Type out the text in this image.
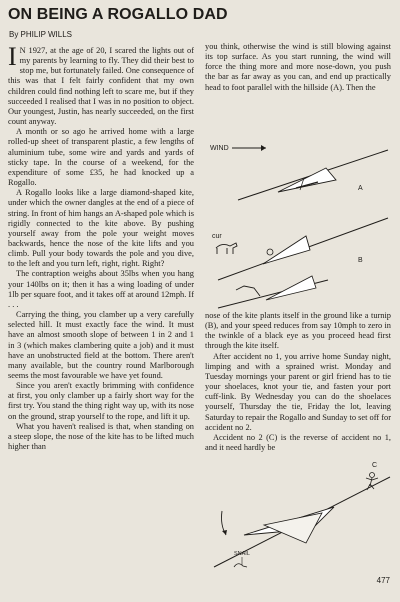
ON BEING A ROGALLO DAD

By PHILIP WILLS

I N 1927, at the age of 20, I scared the lights out of my parents by learning to fly. They did their best to stop me, but fortunately failed. One consequence of this was that I felt fairly confident that my own children could find nothing left to scare me, but if they succeeded I realised that I was in no position to object. Our youngest, Justin, has nearly succeeded, on the first count anyway.

A month or so ago he arrived home with a large rolled-up sheet of transparent plastic, a few lengths of aluminium tube, some wire and yards and yards of sticky tape. In the course of a weekend, for the expenditure of some £35, he had knocked up a Rogallo.

A Rogallo looks like a large diamond-shaped kite, under which the owner dangles at the end of a piece of string. In front of him hangs an A-shaped pole which is rigidly connected to the kite above. By pushing yourself away from the pole your weight moves backwards, hence the nose of the kite lifts and you climb. Pull your body towards the pole and you dive, to the left and you turn left, right, right. Right?

The contraption weighs about 35lbs when you hang your 140lbs on it; then it has a wing loading of under 1lb per square foot, and it takes off at around 12mph. If . . .

Carrying the thing, you clamber up a very carefully selected hill. It must exactly face the wind. It must have an almost smooth slope of between 1 in 2 and 1 in 3 (which makes clambering quite a job) and it must have an unobstructed field at the bottom. There aren't many available, but the country round Marlborough seems the most favourable we have yet found.

Since you aren't exactly brimming with confidence at first, you only clamber up a fairly short way for the first try. You stand the thing right way up, with its nose on the ground, strap yourself to the rope, and lift it up.

What you haven't realised is that, when standing on a steep slope, the nose of the kite has to be lifted much higher than

you think, otherwise the wind is still blowing against its top surface. As you start running, the wind will force the thing more and more nose-down, you push the bar as far away as you can, and end up practically head to foot parallel with the hillside (A). Then the

WIND
A
cur
B

nose of the kite plants itself in the ground like a turnip (B), and your speed reduces from say 10mph to zero in the twinkle of a black eye as you proceed head first through the kite itself.

After accident no 1, you arrive home Sunday night, limping and with a sprained wrist. Monday and Tuesday mornings your parent or girl friend has to tie your shoelaces, knot your tie, and fasten your port cuff-link. By Wednesday you can do the shoelaces yourself, Thursday the tie, Friday the lot, leaving Saturday to repair the Rogallo and Sunday to set off for accident no 2.

Accident no 2 (C) is the reverse of accident no 1, and it need hardly be

C
SNAIL
477
